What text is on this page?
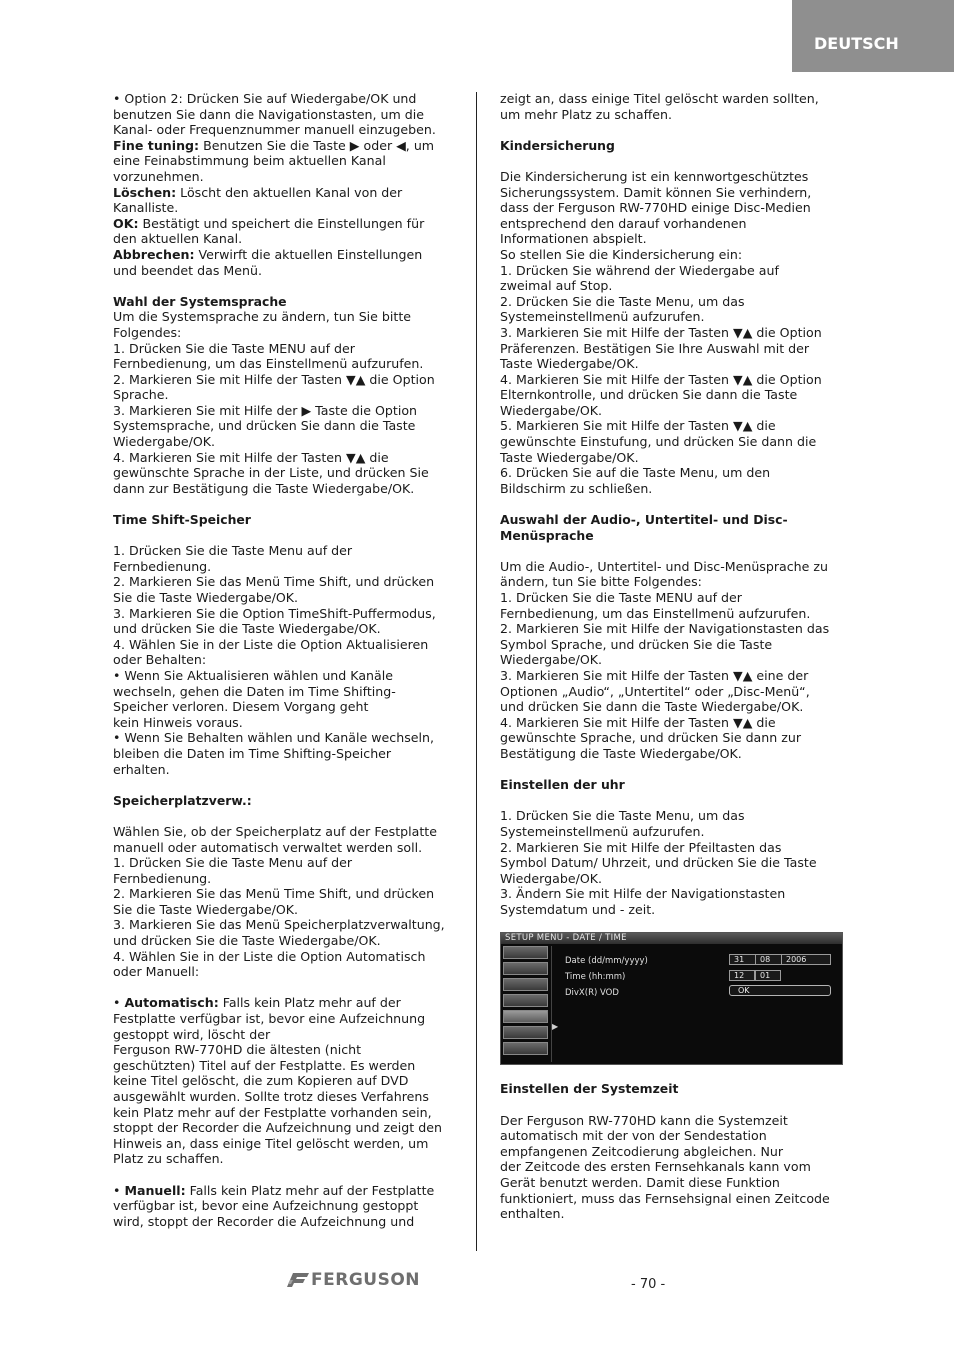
DEUTSCH

• Option 2: Drücken Sie auf Wiedergabe/OK und
benutzen Sie dann die Navigationstasten, um die
Kanal- oder Frequenznummer manuell einzugeben.

Fine tuning: Benutzen Sie die Taste ▶ oder ◀, um
eine Feinabstimmung beim aktuellen Kanal
vorzunehmen.

Löschen: Löscht den aktuellen Kanal von der
Kanalliste.

OK: Bestätigt und speichert die Einstellungen für
den aktuellen Kanal.

Abbrechen: Verwirft die aktuellen Einstellungen
und beendet das Menü.

Wahl der Systemsprache

Um die Systemsprache zu ändern, tun Sie bitte
Folgendes:
1. Drücken Sie die Taste MENU auf der
Fernbedienung, um das Einstellmenü aufzurufen.
2. Markieren Sie mit Hilfe der Tasten ▼▲ die Option
Sprache.
3. Markieren Sie mit Hilfe der ▶ Taste die Option
Systemsprache, und drücken Sie dann die Taste
Wiedergabe/OK.
4. Markieren Sie mit Hilfe der Tasten ▼▲ die
gewünschte Sprache in der Liste, und drücken Sie
dann zur Bestätigung die Taste Wiedergabe/OK.

Time Shift-Speicher

1. Drücken Sie die Taste Menu auf der
Fernbedienung.
2. Markieren Sie das Menü Time Shift, und drücken
Sie die Taste Wiedergabe/OK.
3. Markieren Sie die Option TimeShift-Puffermodus,
und drücken Sie die Taste Wiedergabe/OK.
4. Wählen Sie in der Liste die Option Aktualisieren
oder Behalten:
• Wenn Sie Aktualisieren wählen und Kanäle
wechseln, gehen die Daten im Time Shifting-
Speicher verloren. Diesem Vorgang geht
kein Hinweis voraus.
• Wenn Sie Behalten wählen und Kanäle wechseln,
bleiben die Daten im Time Shifting-Speicher
erhalten.

Speicherplatzverw.:

Wählen Sie, ob der Speicherplatz auf der Festplatte
manuell oder automatisch verwaltet werden soll.
1. Drücken Sie die Taste Menu auf der
Fernbedienung.
2. Markieren Sie das Menü Time Shift, und drücken
Sie die Taste Wiedergabe/OK.
3. Markieren Sie das Menü Speicherplatzverwaltung,
und drücken Sie die Taste Wiedergabe/OK.
4. Wählen Sie in der Liste die Option Automatisch
oder Manuell:

• Automatisch: Falls kein Platz mehr auf der
Festplatte verfügbar ist, bevor eine Aufzeichnung
gestoppt wird, löscht der
Ferguson RW-770HD die ältesten (nicht
geschützten) Titel auf der Festplatte. Es werden
keine Titel gelöscht, die zum Kopieren auf DVD
ausgewählt wurden. Sollte trotz dieses Verfahrens
kein Platz mehr auf der Festplatte vorhanden sein,
stoppt der Recorder die Aufzeichnung und zeigt den
Hinweis an, dass einige Titel gelöscht werden, um
Platz zu schaffen.

• Manuell: Falls kein Platz mehr auf der Festplatte
verfügbar ist, bevor eine Aufzeichnung gestoppt
wird, stoppt der Recorder die Aufzeichnung und

zeigt an, dass einige Titel gelöscht warden sollten,
um mehr Platz zu schaffen.

Kindersicherung

Die Kindersicherung ist ein kennwortgeschütztes
Sicherungssystem. Damit können Sie verhindern,
dass der Ferguson RW-770HD einige Disc-Medien
entsprechend den darauf vorhandenen
Informationen abspielt.
So stellen Sie die Kindersicherung ein:
1. Drücken Sie während der Wiedergabe auf
zweimal auf Stop.
2. Drücken Sie die Taste Menu, um das
Systemeinstellmenü aufzurufen.
3. Markieren Sie mit Hilfe der Tasten ▼▲ die Option
Präferenzen. Bestätigen Sie Ihre Auswahl mit der
Taste Wiedergabe/OK.
4. Markieren Sie mit Hilfe der Tasten ▼▲ die Option
Elternkontrolle, und drücken Sie dann die Taste
Wiedergabe/OK.
5. Markieren Sie mit Hilfe der Tasten ▼▲ die
gewünschte Einstufung, und drücken Sie dann die
Taste Wiedergabe/OK.
6. Drücken Sie auf die Taste Menu, um den
Bildschirm zu schließen.

Auswahl der Audio-, Untertitel- und Disc-
Menüsprache

Um die Audio-, Untertitel- und Disc-Menüsprache zu
ändern, tun Sie bitte Folgendes:
1. Drücken Sie die Taste MENU auf der
Fernbedienung, um das Einstellmenü aufzurufen.
2. Markieren Sie mit Hilfe der Navigationstasten das
Symbol Sprache, und drücken Sie die Taste
Wiedergabe/OK.
3. Markieren Sie mit Hilfe der Tasten ▼▲ eine der
Optionen „Audio“, „Untertitel“ oder „Disc-Menü“,
und drücken Sie dann die Taste Wiedergabe/OK.
4. Markieren Sie mit Hilfe der Tasten ▼▲ die
gewünschte Sprache, und drücken Sie dann zur
Bestätigung die Taste Wiedergabe/OK.

Einstellen der uhr

1. Drücken Sie die Taste Menu, um das
Systemeinstellmenü aufzurufen.
2. Markieren Sie mit Hilfe der Pfeiltasten das
Symbol Datum/ Uhrzeit, und drücken Sie die Taste
Wiedergabe/OK.
3. Ändern Sie mit Hilfe der Navigationstasten
Systemdatum und - zeit.

SETUP MENU - DATE / TIME
▶
Date (dd/mm/yyyy)	31	08	2006
Time (hh:mm)	12	01
DivX(R) VOD	OK

Einstellen der Systemzeit

Der Ferguson RW-770HD kann die Systemzeit
automatisch mit der von der Sendestation
empfangenen Zeitcodierung abgleichen. Nur
der Zeitcode des ersten Fernsehkanals kann vom
Gerät benutzt werden. Damit diese Funktion
funktioniert, muss das Fernsehsignal einen Zeitcode
enthalten.

FERGUSON	- 70 -
